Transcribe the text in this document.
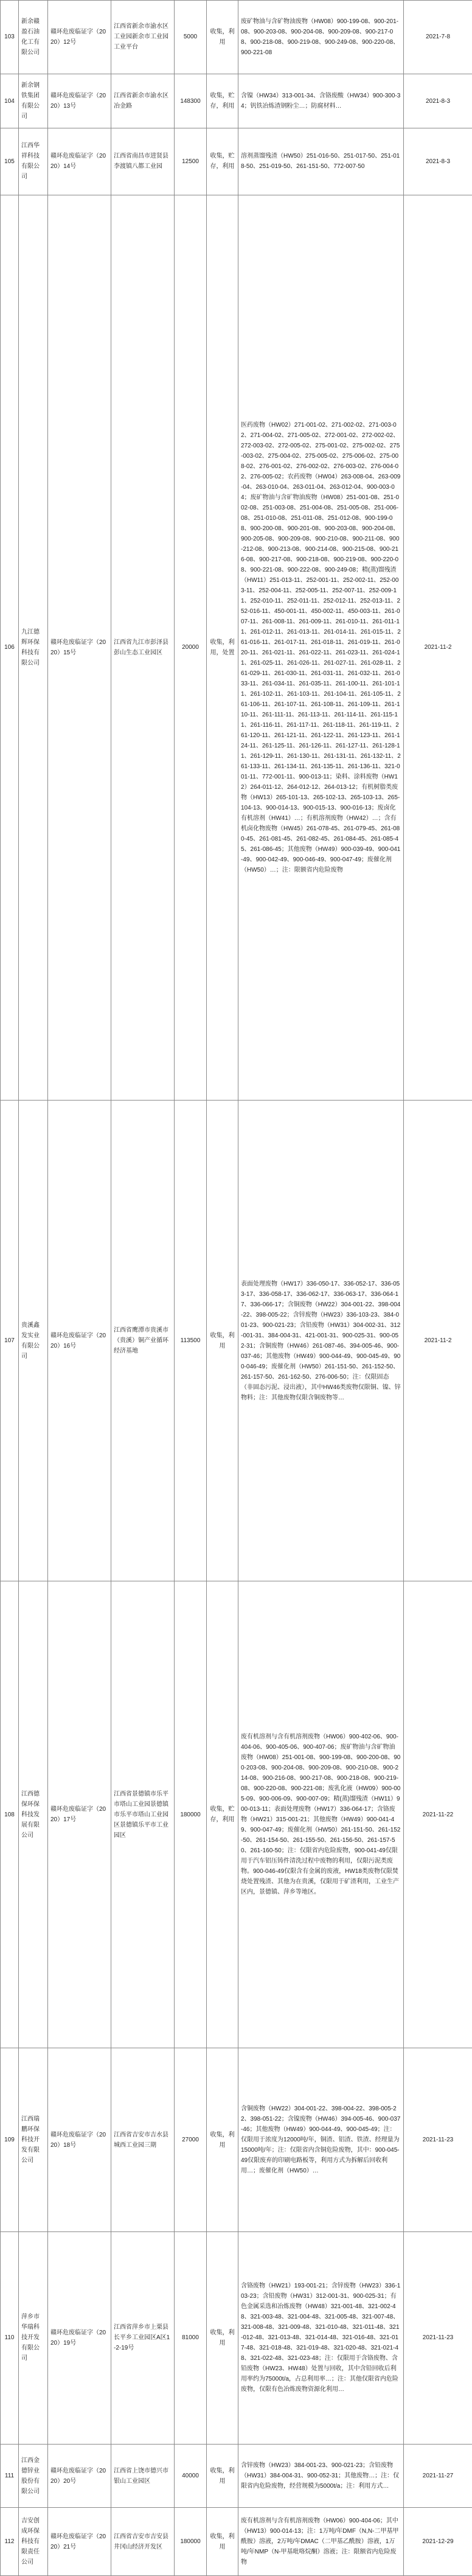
103	新余赣盈石油化工有限公司	赣环危废临证字（2020）12号	江西省新余市渝水区工业园新余市工业园工业平台	5000	收集，利用	废矿物油与含矿物油废物（HW08）900-199-08、900-201-08、900-203-08、900-204-08、900-209-08、900-217-08、900-218-08、900-219-08、900-249-08、900-220-08、900-221-08	2021-7-8
104	新余钢铁集团有限公司	赣环危废临证字（2020）13号	江西省新余市渝水区冶金路	148300	收集，贮存，利用	含镍（HW34）313-001-34、含铬废酸（HW34）900-300-34；钒铁冶炼渣钢粉尘…；防腐材料…	2021-8-3
105	江西华祥科技有限公司	赣环危废临证字（2020）14号	江西省南昌市进贤县李渡镇八都工业园	12500	收集，贮存，利用	溶剂蒸馏残渣（HW50）251-016-50、251-017-50、251-018-50、251-019-50、261-151-50、772-007-50	2021-8-3
106	九江德辉环保科技有限公司	赣环危废临证字（2020）15号	江西省九江市彭泽县彭山生态工业园区	20000	收集，利用，处置	医药废物（HW02）271-001-02、271-002-02、271-003-02、271-004-02、271-005-02、272-001-02、272-002-02、272-003-02、272-005-02、275-001-02、275-002-02、275-003-02、275-004-02、275-005-02、275-006-02、275-008-02、276-001-02、276-002-02、276-003-02、276-004-02、276-005-02；农药废物（HW04）263-008-04、263-009-04、263-010-04、263-011-04、263-012-04、900-003-04；废矿物油与含矿物油废物（HW08）251-001-08、251-002-08、251-003-08、251-004-08、251-005-08、251-006-08、251-010-08、251-011-08、251-012-08、900-199-08、900-200-08、900-201-08、900-203-08、900-204-08、900-205-08、900-209-08、900-210-08、900-211-08、900-212-08、900-213-08、900-214-08、900-215-08、900-216-08、900-217-08、900-218-08、900-219-08、900-220-08、900-221-08、900-222-08、900-249-08；精(蒸)馏残渣（HW11）251-013-11、252-001-11、252-002-11、252-003-11、252-004-11、252-005-11、252-007-11、252-009-11、252-010-11、252-011-11、252-012-11、252-013-11、252-016-11、450-001-11、450-002-11、450-003-11、261-007-11、261-008-11、261-009-11、261-010-11、261-011-11、261-012-11、261-013-11、261-014-11、261-015-11、261-016-11、261-017-11、261-018-11、261-019-11、261-020-11、261-021-11、261-022-11、261-023-11、261-024-11、261-025-11、261-026-11、261-027-11、261-028-11、261-029-11、261-030-11、261-031-11、261-032-11、261-033-11、261-034-11、261-035-11、261-100-11、261-101-11、261-102-11、261-103-11、261-104-11、261-105-11、261-106-11、261-107-11、261-108-11、261-109-11、261-110-11、261-111-11、261-113-11、261-114-11、261-115-11、261-116-11、261-117-11、261-118-11、261-119-11、261-120-11、261-121-11、261-122-11、261-123-11、261-124-11、261-125-11、261-126-11、261-127-11、261-128-11、261-129-11、261-130-11、261-131-11、261-132-11、261-133-11、261-134-11、261-135-11、261-136-11、321-001-11、772-001-11、900-013-11；染料、涂料废物（HW12）264-011-12、264-012-12、264-013-12；有机树脂类废物（HW13）265-101-13、265-102-13、265-103-13、265-104-13、900-014-13、900-015-13、900-016-13；废卤化有机溶剂（HW41）…；有机溶剂废物（HW42）…；含有机卤化物废物（HW45）261-078-45、261-079-45、261-080-45、261-081-45、261-082-45、261-084-45、261-085-45、261-086-45；其他废物（HW49）900-039-49、900-041-49、900-042-49、900-046-49、900-047-49；废催化剂（HW50）…；注：限额省内危险废物	2021-11-2
107	贵溪鑫发实业有限公司	赣环危废临证字（2020）16号	江西省鹰潭市贵溪市（贵溪）铜产业循环经济基地	113500	收集，利用	表面处理废物（HW17）336-050-17、336-052-17、336-053-17、336-058-17、336-062-17、336-063-17、336-064-17、336-066-17；含铜废物（HW22）304-001-22、398-004-22、398-005-22；含锌废物（HW23）336-103-23、384-001-23、900-021-23；含铅废物（HW31）304-002-31、312-001-31、384-004-31、421-001-31、900-025-31、900-052-31；含铜废物（HW46）261-087-46、394-005-46、900-037-46；其他废物（HW49）900-044-49、900-045-49、900-046-49；废催化剂（HW50）261-151-50、261-152-50、261-157-50、261-162-50、276-006-50；注：仅限固态（非固态污泥、浸出液），其中HW46类废物仅限铜、镍、锌物料；注：其他废物仅限含铜废物等…	2021-11-2
108	江西德保环保科技发展有限公司	赣环危废临证字（2020）17号	江西省景德镇市乐平市塔山工业园景德镇市乐平市塔山工业园区景德镇乐平市工业园区	180000	收集，贮存，利用	废有机溶剂与含有机溶剂废物（HW06）900-402-06、900-404-06、900-405-06、900-407-06；废矿物油与含矿物油废物（HW08）251-001-08、900-199-08、900-200-08、900-203-08、900-204-08、900-209-08、900-210-08、900-214-08、900-216-08、900-217-08、900-218-08、900-219-08、900-220-08、900-221-08；废乳化液（HW09）900-005-09、900-006-09、900-007-09；精(蒸)馏残渣（HW11）900-013-11；表面处理废物（HW17）336-064-17；含铬废物（HW21）315-001-21；其他废物（HW49）900-041-49、900-047-49；废催化剂（HW50）261-151-50、261-152-50、261-154-50、261-155-50、261-156-50、261-157-50、261-160-50；注：仅限省内危险废物，900-041-49仅限用于汽车铝压铸件清洗过程中废物的利用，仅限污泥类废物。900-046-49仅限含有金属的废液，HW18类废物仅限焚烧处置残渣、其他为在贵溪，仅限用于矿渣利用，工业生产区内，景德镇、萍乡等地区。	2021-11-22
109	江西瑞鹏环保科技开发有限公司	赣环危废临证字（2020）18号	江西省吉安市吉水县城西工业园三期	27000	收集，利用	含铜废物（HW22）304-001-22、398-004-22、398-005-22、398-051-22；含镍废物（HW46）394-005-46、900-037-46；其他废物（HW49）900-044-49、900-045-49；注：仅限用于浓度为12000吨/年，铜渣、铝渣、铁渣、经理量为15000吨/年；注：仅限省内含铜危险废物，其中：900-045-49仅限废弃的印刷电路板等，利用方式为拆解后回收利用…；废催化剂（HW50）…	2021-11-23
110	萍乡市华瑞科技开发有限公司	赣环危废临证字（2020）19号	江西省萍乡市上栗县长平乡工业园区A区1-2-19号	81000	收集，利用	含铬废物（HW21）193-001-21；含锌废物（HW23）336-103-23；含铅废物（HW31）312-001-31、900-025-31；有色金属采选和冶炼废物（HW48）321-001-48、321-002-48、321-003-48、321-004-48、321-005-48、321-007-48、321-008-48、321-009-48、321-010-48、321-011-48、321-012-48、321-013-48、321-014-48、321-016-48、321-017-48、321-018-48、321-019-48、321-020-48、321-021-48、321-022-48、321-023-48；注：仅限用于含铬废物、含铅废物（HW23、HW48）处置与回收，其中含铅回收后利用率约为75000t/a，占总利用率…；注：其他仅限省内危险废物，仅限有色冶炼废物资源化利用…	2021-11-23
111	江西金德锌业股份有限公司	赣环危废临证字（2020）20号	江西省上饶市德兴市银山工业园区	40000	收集，利用	含锌废物（HW23）384-001-23、900-021-23；含铅废物（HW31）384-004-31、900-052-31；其他废物…；注：仅限省内危险废物，经营规模为5000t/a；注：利用方式…	2021-11-27
112	吉安创成环保科技有限责任公司	赣环危废临证字（2020）21号	江西省吉安市吉安县井冈山经济开发区	180000	收集，利用	废有机溶剂与含有机溶剂废物（HW06）900-404-06；其中（HW13）900-014-13；注：1万吨/年DMF（N,N-二甲基甲酰胺）溶液，2万吨/年DMAC（二甲基乙酰胺）溶液，1万吨/年NMP（N-甲基吡咯烷酮）溶液；注：限额省内危险废物	2021-12-29
